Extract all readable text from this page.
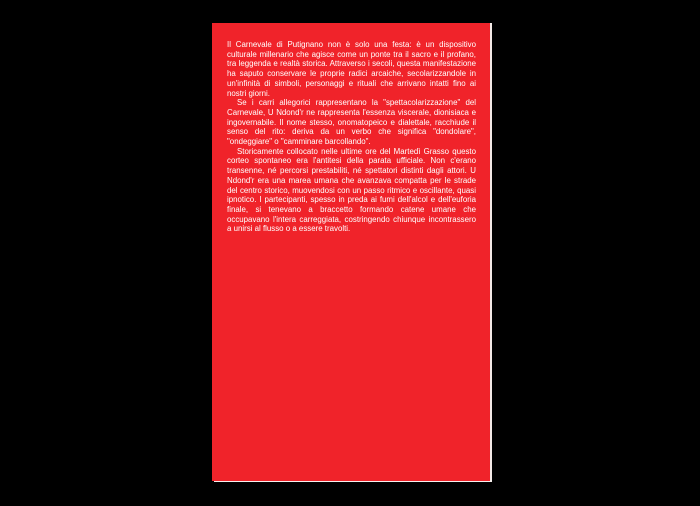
Il Carnevale di Putignano non è solo una festa: è un dispositivo culturale millenario che agisce come un ponte tra il sacro e il profano, tra leggenda e realtà storica. Attraverso i secoli, questa manifestazione ha saputo conservare le proprie radici arcaiche, secolarizzandole in un'infinità di simboli, personaggi e rituali che arrivano intatti fino ai nostri giorni.

Se i carri allegorici rappresentano la "spettacolarizzazione" del Carnevale, U Ndond'r ne rappresenta l'essenza viscerale, dionisiaca e ingovernabile. Il nome stesso, onomatopeico e dialettale, racchiude il senso del rito: deriva da un verbo che significa "dondolare", "ondeggiare" o "camminare barcollando".

Storicamente collocato nelle ultime ore del Martedì Grasso questo corteo spontaneo era l'antitesi della parata ufficiale. Non c'erano transenne, né percorsi prestabiliti, né spettatori distinti dagli attori. U Ndond'r era una marea umana che avanzava compatta per le strade del centro storico, muovendosi con un passo ritmico e oscillante, quasi ipnotico. I partecipanti, spesso in preda ai fumi dell'alcol e dell'euforia finale, si tenevano a braccetto formando catene umane che occupavano l'intera carreggiata, costringendo chiunque incontrassero a unirsi al flusso o a essere travolti.
